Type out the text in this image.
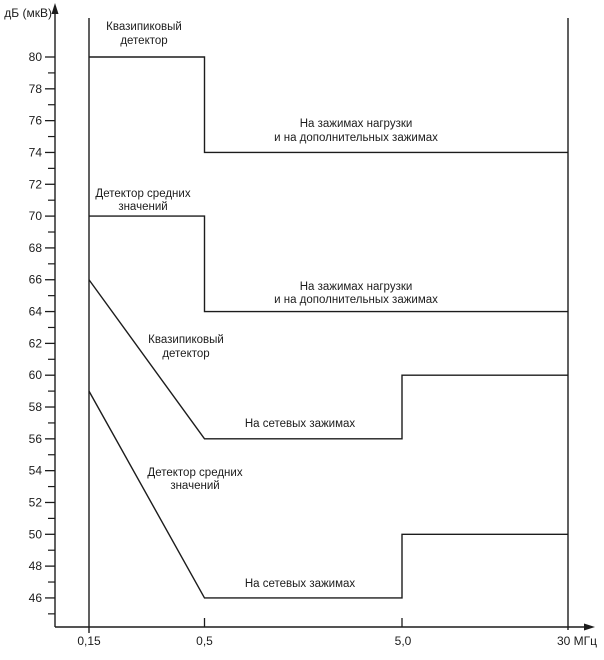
дБ (мкВ)
80
78
76
74
72
70
68
66
64
62
60
58
56
54
52
50
48
46
0,15	0,5	5,0	30 МГц
Квазипиковый
детектор
На зажимах нагрузки
и на дополнительных зажимах
Детектор средних
значений
На зажимах нагрузки
и на дополнительных зажимах
Квазипиковый
детектор
На сетевых зажимах
Детектор средних
значений
На сетевых зажимах
